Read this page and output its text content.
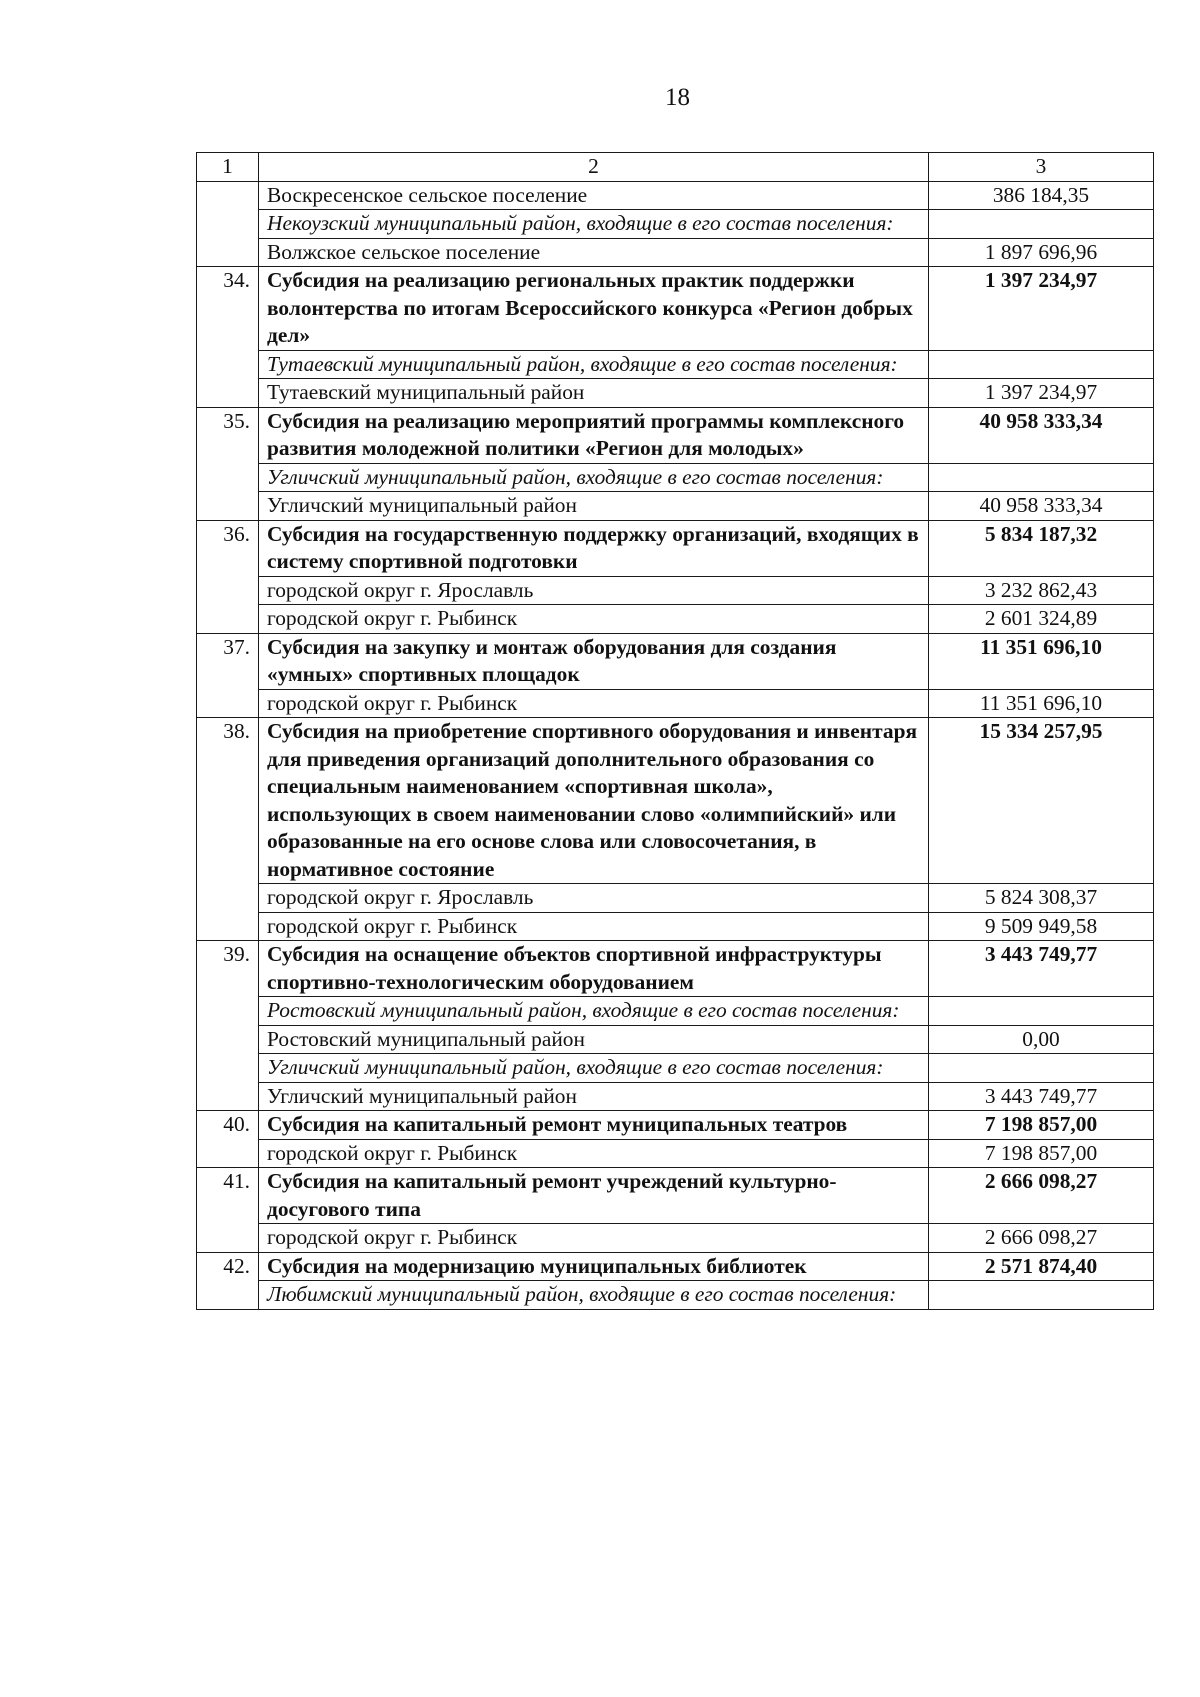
18
1	2	3
	Воскресенское сельское поселение	386 184,35
	Некоузский муниципальный район, входящие в его состав поселения:	
	Волжское сельское поселение	1 897 696,96
34.	Субсидия на реализацию региональных практик поддержки волонтерства по итогам Всероссийского конкурса «Регион добрых дел»	1 397 234,97
	Тутаевский муниципальный район, входящие в его состав поселения:	
	Тутаевский муниципальный район	1 397 234,97
35.	Субсидия на реализацию мероприятий программы комплексного развития молодежной политики «Регион для молодых»	40 958 333,34
	Угличский муниципальный район, входящие в его состав поселения:	
	Угличский муниципальный район	40 958 333,34
36.	Субсидия на государственную поддержку организаций, входящих в систему спортивной подготовки	5 834 187,32
	городской округ г. Ярославль	3 232 862,43
	городской округ г. Рыбинск	2 601 324,89
37.	Субсидия на закупку и монтаж оборудования для создания «умных» спортивных площадок	11 351 696,10
	городской округ г. Рыбинск	11 351 696,10
38.	Субсидия на приобретение спортивного оборудования и инвентаря для приведения организаций дополнительного образования со специальным наименованием «спортивная школа», использующих в своем наименовании слово «олимпийский» или образованные на его основе слова или словосочетания, в нормативное состояние	15 334 257,95
	городской округ г. Ярославль	5 824 308,37
	городской округ г. Рыбинск	9 509 949,58
39.	Субсидия на оснащение объектов спортивной инфраструктуры спортивно-технологическим оборудованием	3 443 749,77
	Ростовский муниципальный район, входящие в его состав поселения:	
	Ростовский муниципальный район	0,00
	Угличский муниципальный район, входящие в его состав поселения:	
	Угличский муниципальный район	3 443 749,77
40.	Субсидия на капитальный ремонт муниципальных театров	7 198 857,00
	городской округ г. Рыбинск	7 198 857,00
41.	Субсидия на капитальный ремонт учреждений культурно-досугового типа	2 666 098,27
	городской округ г. Рыбинск	2 666 098,27
42.	Субсидия на модернизацию муниципальных библиотек	2 571 874,40
	Любимский муниципальный район, входящие в его состав поселения:	
